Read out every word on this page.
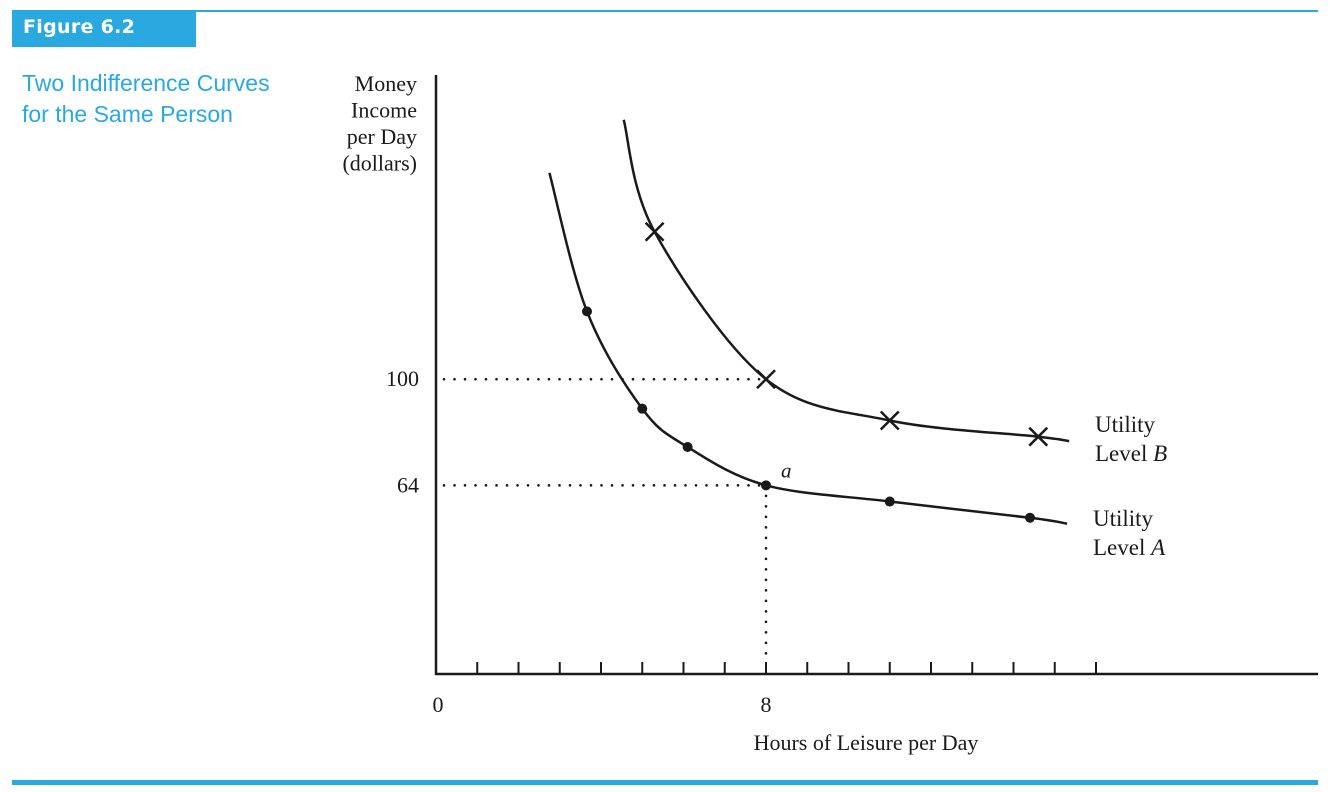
Figure 6.2
Two Indifference Curves for the Same Person
Utility
Level A
Utility
Level B
a
100
64
0	8
Money
Income
per Day
(dollars)
Hours of Leisure per Day
